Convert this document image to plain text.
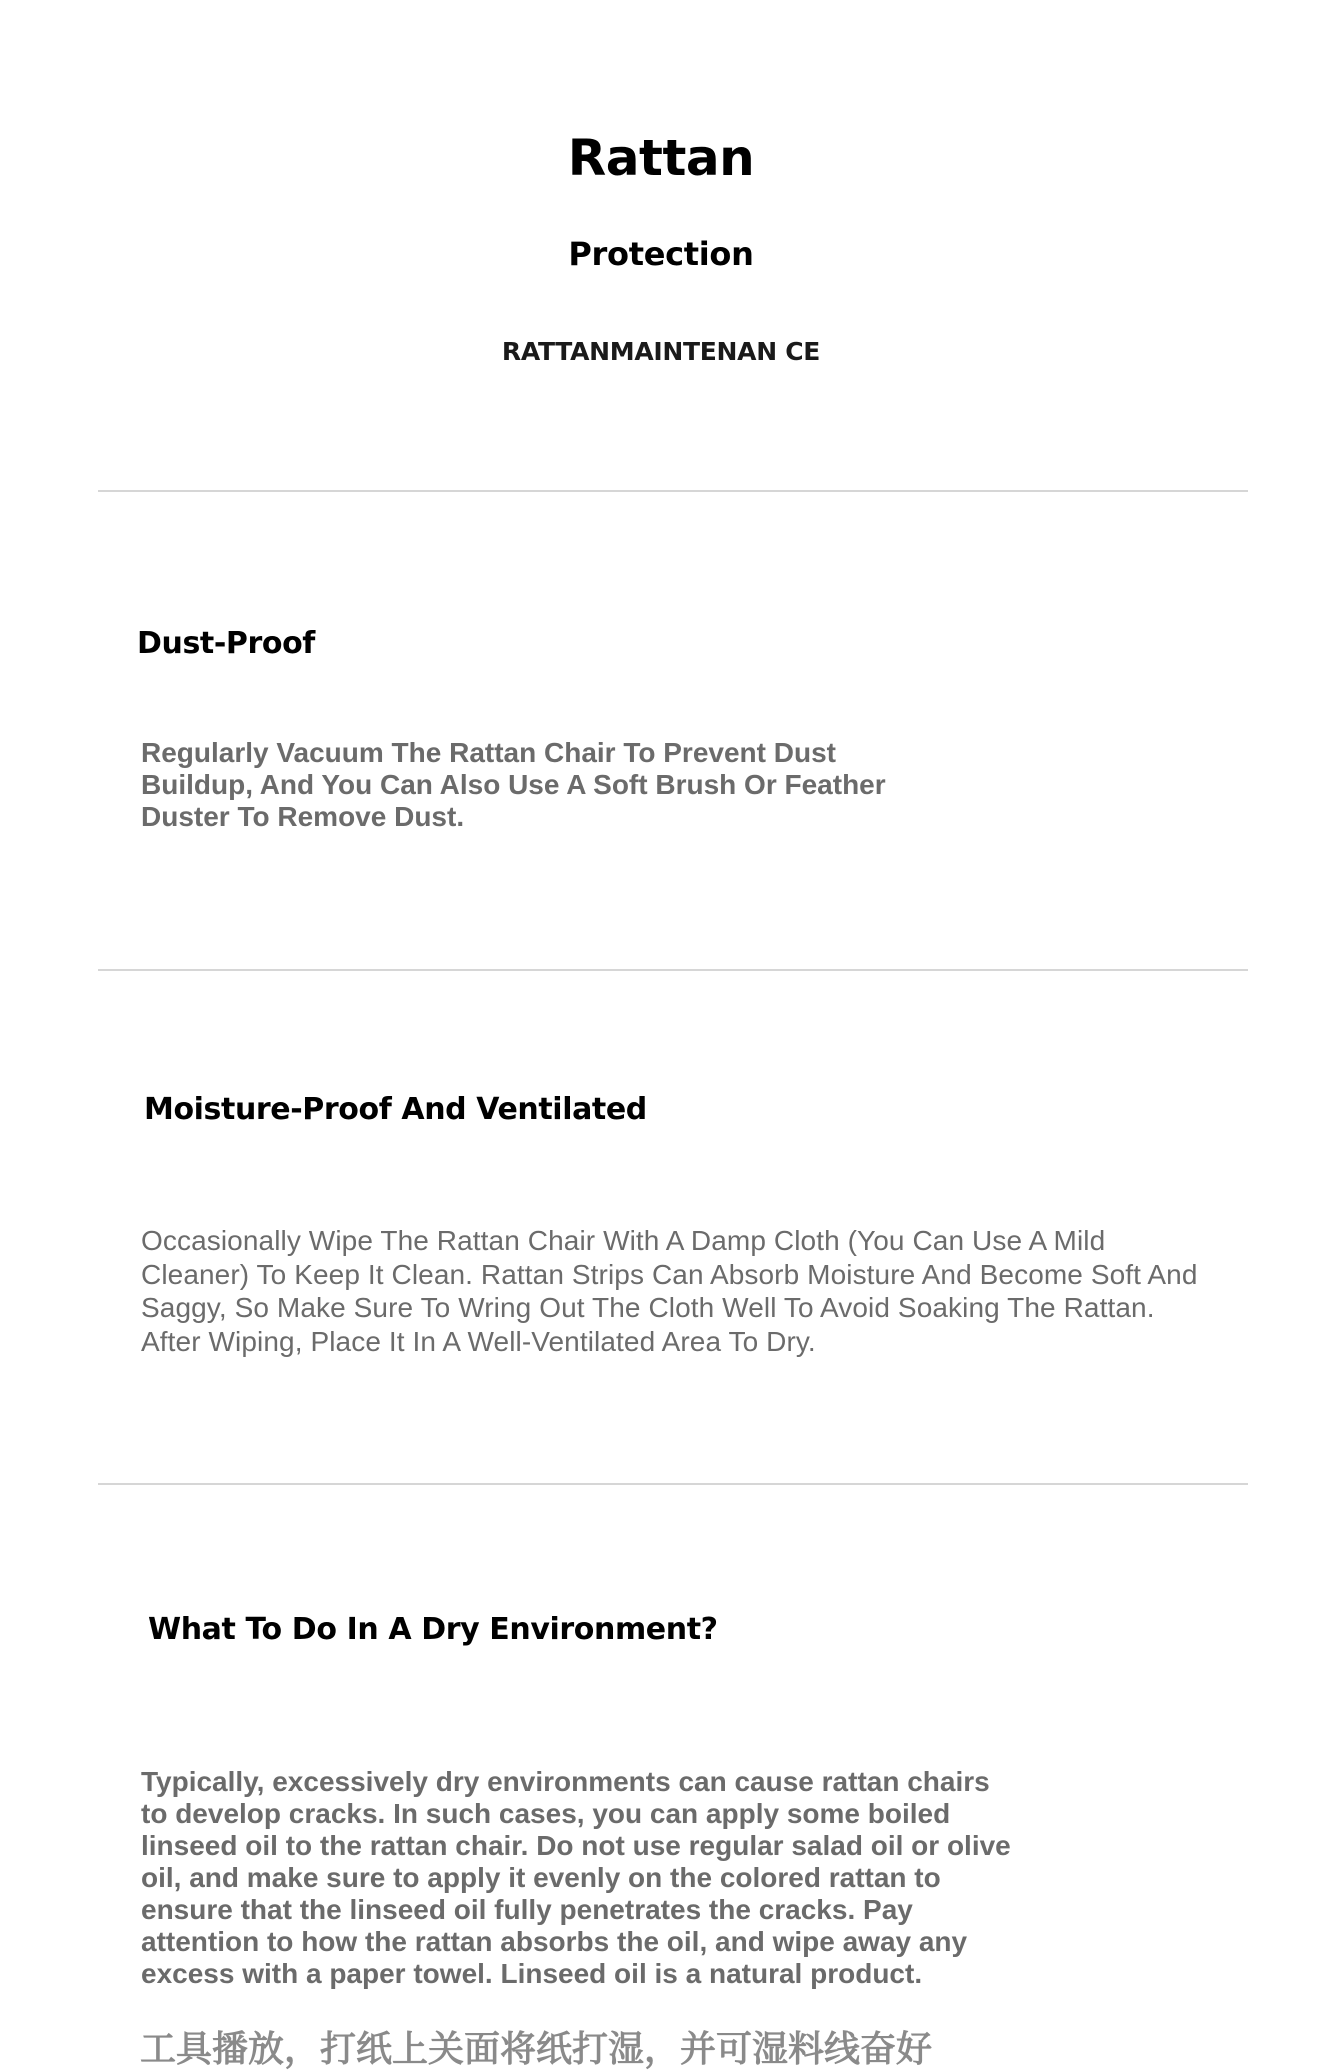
Rattan
Protection
RATTANMAINTENAN CE
Dust-Proof
Regularly Vacuum The Rattan Chair To Prevent Dust Buildup, And You Can Also Use A Soft Brush Or Feather Duster To Remove Dust.
Moisture-Proof And Ventilated
Occasionally Wipe The Rattan Chair With A Damp Cloth (You Can Use A Mild Cleaner) To Keep It Clean. Rattan Strips Can Absorb Moisture And Become Soft And Saggy, So Make Sure To Wring Out The Cloth Well To Avoid Soaking The Rattan. After Wiping, Place It In A Well-Ventilated Area To Dry.
What To Do In A Dry Environment?
Typically, excessively dry environments can cause rattan chairs to develop cracks. In such cases, you can apply some boiled linseed oil to the rattan chair. Do not use regular salad oil or olive oil, and make sure to apply it evenly on the colored rattan to ensure that the linseed oil fully penetrates the cracks. Pay attention to how the rattan absorbs the oil, and wipe away any excess with a paper towel. Linseed oil is a natural product.
工具播放，打纸上关面将纸打湿，并可湿料线奋好
